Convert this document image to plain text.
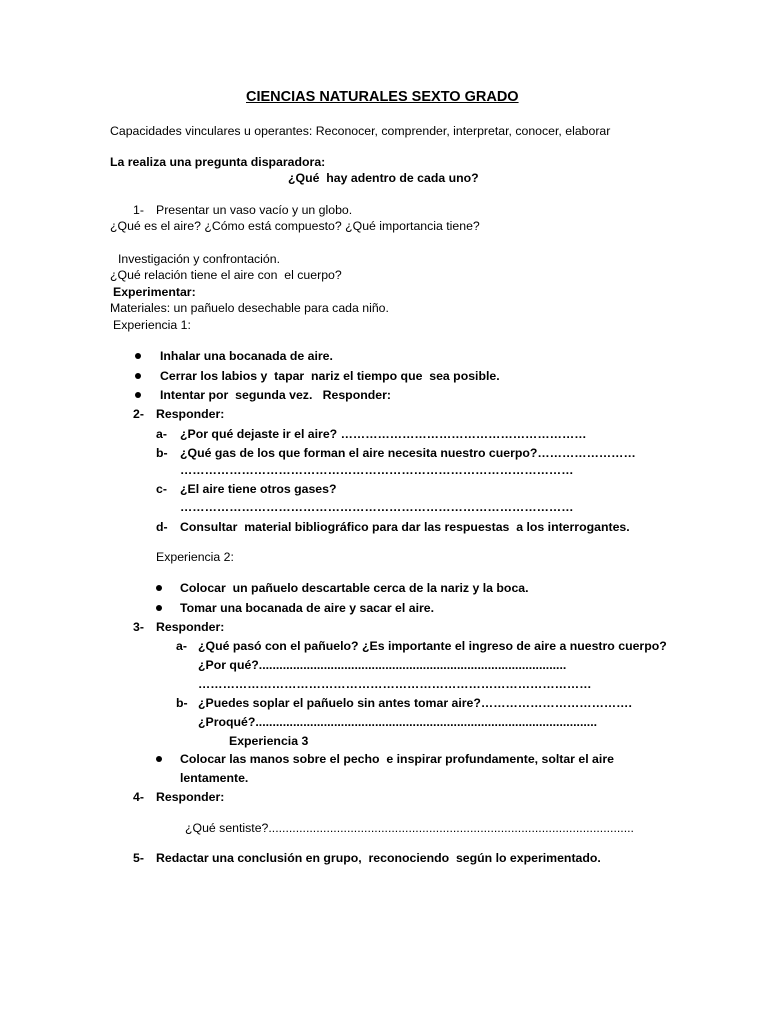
CIENCIAS NATURALES SEXTO GRADO
Capacidades vinculares u operantes: Reconocer, comprender, interpretar, conocer, elaborar
La realiza una pregunta disparadora:
¿Qué  hay adentro de cada uno?
1- Presentar un vaso vacío y un globo.
¿Qué es el aire? ¿Cómo está compuesto? ¿Qué importancia tiene?
Investigación y confrontación.
¿Qué relación tiene el aire con  el cuerpo?
Experimentar:
Materiales: un pañuelo desechable para cada niño.
Experiencia 1:
Inhalar una bocanada de aire.
Cerrar los labios y  tapar  nariz el tiempo que  sea posible.
Intentar por  segunda vez.   Responder:
2- Responder:
a- ¿Por qué dejaste ir el aire? ……………………………………………………
b- ¿Qué gas de los que forman el aire necesita nuestro cuerpo?……………………
……………………………………………………………………………………
c- ¿El aire tiene otros gases?
……………………………………………………………………………………
d- Consultar  material bibliográfico para dar las respuestas  a los interrogantes.
Experiencia 2:
Colocar  un pañuelo descartable cerca de la nariz y la boca.
Tomar una bocanada de aire y sacar el aire.
3- Responder:
a- ¿Qué pasó con el pañuelo? ¿Es importante el ingreso de aire a nuestro cuerpo?
¿Por qué?..........................................................................................
……………………………………………………………………………………
b- ¿Puedes soplar el pañuelo sin antes tomar aire?……………………………….
¿Proqué?....................................................................................................
Experiencia 3
Colocar las manos sobre el pecho  e inspirar profundamente, soltar el aire
lentamente.
4- Responder:
¿Qué sentiste?...........................................................................................................
5- Redactar una conclusión en grupo,  reconociendo  según lo experimentado.
